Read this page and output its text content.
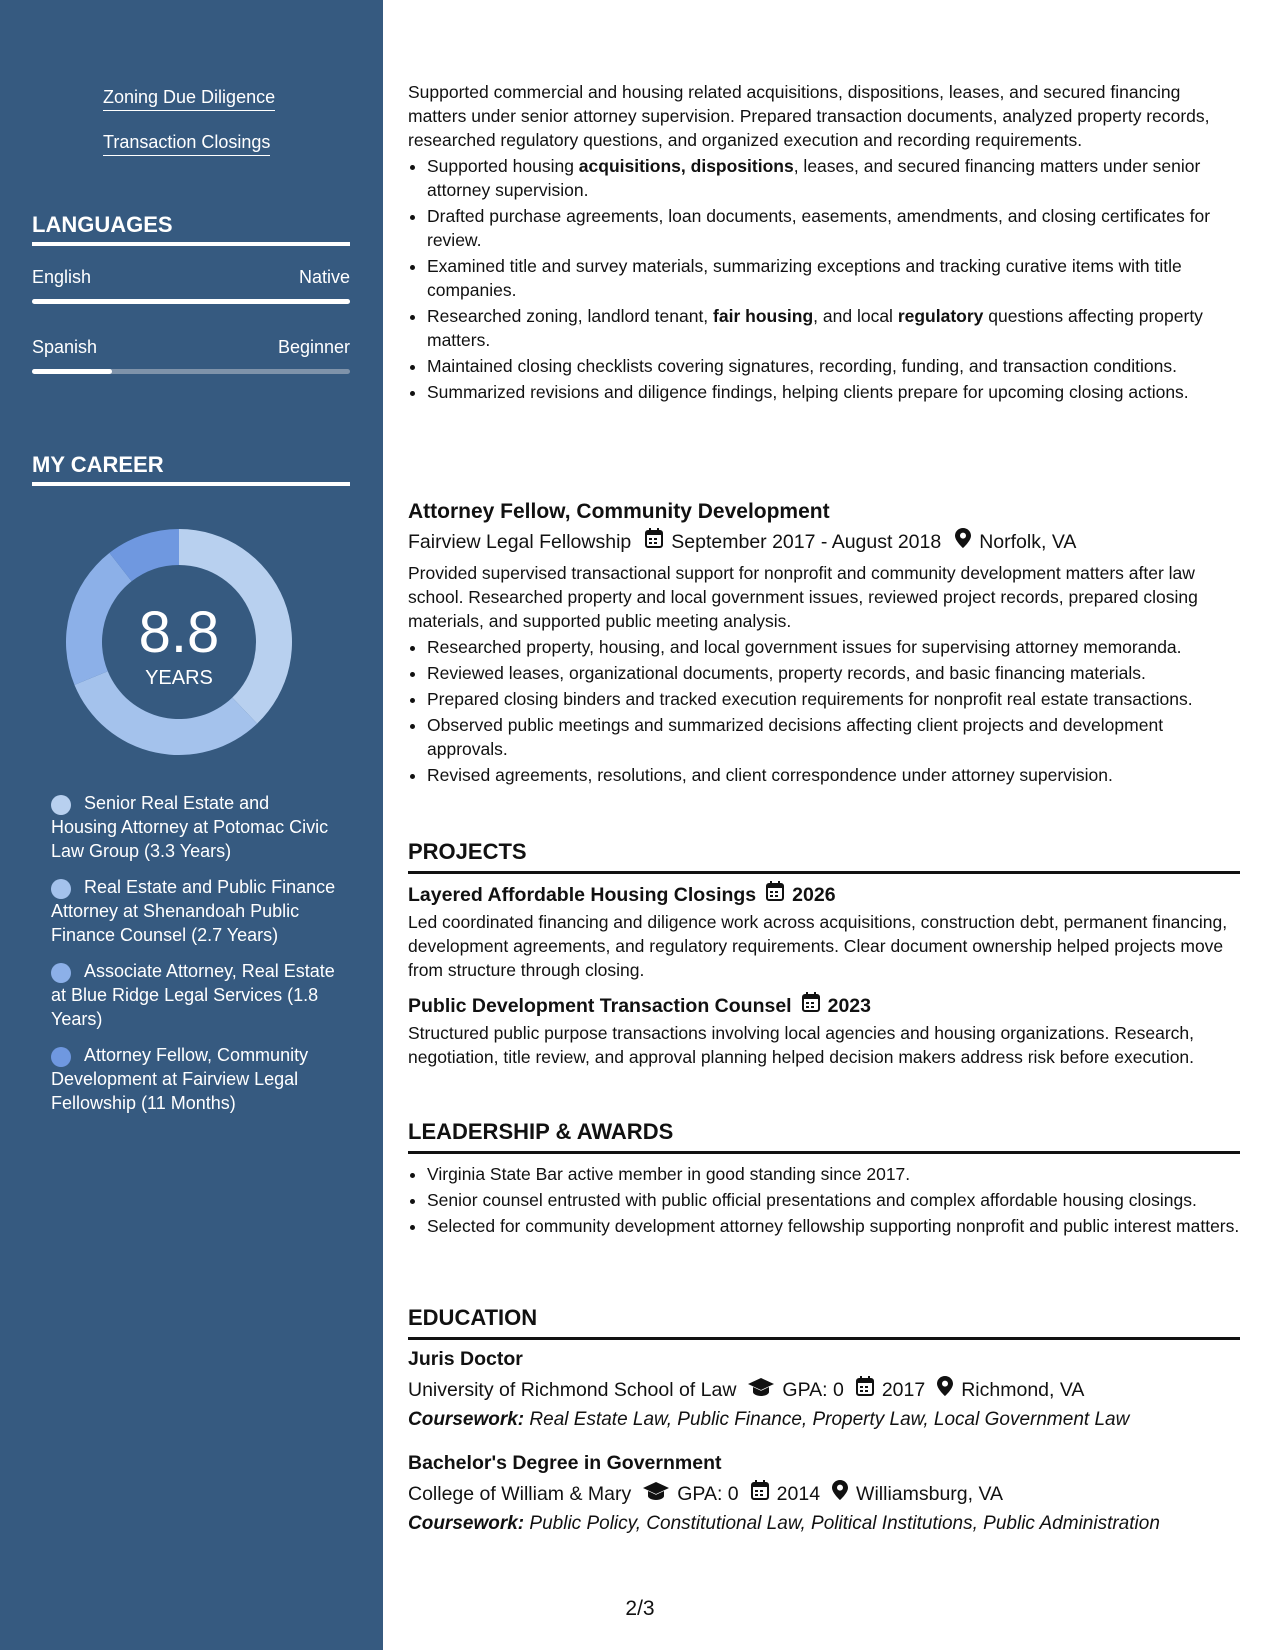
Zoning Due Diligence
Transaction Closings
LANGUAGES
English	Native
Spanish	Beginner
MY CAREER
8.8
YEARS
Senior Real Estate and Housing Attorney at Potomac Civic Law Group (3.3 Years)
Real Estate and Public Finance Attorney at Shenandoah Public Finance Counsel (2.7 Years)
Associate Attorney, Real Estate at Blue Ridge Legal Services (1.8 Years)
Attorney Fellow, Community Development at Fairview Legal Fellowship (11 Months)

Supported commercial and housing related acquisitions, dispositions, leases, and secured financing matters under senior attorney supervision. Prepared transaction documents, analyzed property records, researched regulatory questions, and organized execution and recording requirements.

• Supported housing acquisitions, dispositions, leases, and secured financing matters under senior attorney supervision.
• Drafted purchase agreements, loan documents, easements, amendments, and closing certificates for review.
• Examined title and survey materials, summarizing exceptions and tracking curative items with title companies.
• Researched zoning, landlord tenant, fair housing, and local regulatory questions affecting property matters.
• Maintained closing checklists covering signatures, recording, funding, and transaction conditions.
• Summarized revisions and diligence findings, helping clients prepare for upcoming closing actions.
Attorney Fellow, Community Development
Fairview Legal Fellowship September 2017 - August 2018 Norfolk, VA

Provided supervised transactional support for nonprofit and community development matters after law school. Researched property and local government issues, reviewed project records, prepared closing materials, and supported public meeting analysis.

• Researched property, housing, and local government issues for supervising attorney memoranda.
• Reviewed leases, organizational documents, property records, and basic financing materials.
• Prepared closing binders and tracked execution requirements for nonprofit real estate transactions.
• Observed public meetings and summarized decisions affecting client projects and development approvals.
• Revised agreements, resolutions, and client correspondence under attorney supervision.
PROJECTS
Layered Affordable Housing Closings 2026

Led coordinated financing and diligence work across acquisitions, construction debt, permanent financing, development agreements, and regulatory requirements. Clear document ownership helped projects move from structure through closing.

Public Development Transaction Counsel 2023

Structured public purpose transactions involving local agencies and housing organizations. Research, negotiation, title review, and approval planning helped decision makers address risk before execution.

LEADERSHIP & AWARDS
• Virginia State Bar active member in good standing since 2017.
• Senior counsel entrusted with public official presentations and complex affordable housing closings.
• Selected for community development attorney fellowship supporting nonprofit and public interest matters.
EDUCATION
Juris Doctor
University of Richmond School of Law GPA: 0 2017 Richmond, VA
Coursework: Real Estate Law, Public Finance, Property Law, Local Government Law
Bachelor's Degree in Government
College of William & Mary GPA: 0 2014 Williamsburg, VA
Coursework: Public Policy, Constitutional Law, Political Institutions, Public Administration
2/3
